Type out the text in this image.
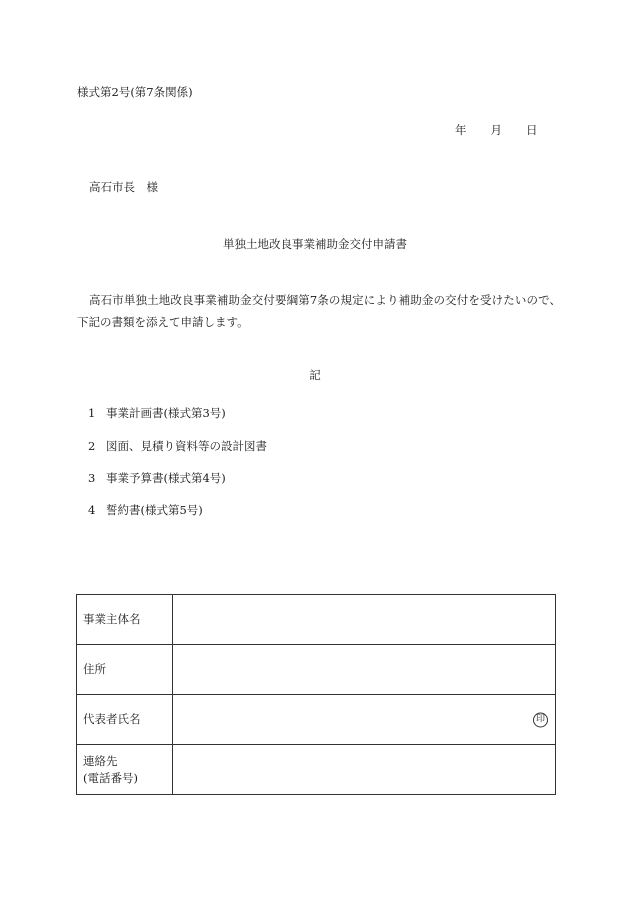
様式第2号(第7条関係)
年 月 日
高石市長　様
単独土地改良事業補助金交付申請書
高石市単独土地改良事業補助金交付要綱第7条の規定により補助金の交付を受けたいので、下記の書類を添えて申請します。
記
1 事業計画書(様式第3号)
2 図面、見積り資料等の設計図書
3 事業予算書(様式第4号)
4 誓約書(様式第5号)
事業主体名	
住所	
代表者氏名	印

連絡先
(電話番号)	
